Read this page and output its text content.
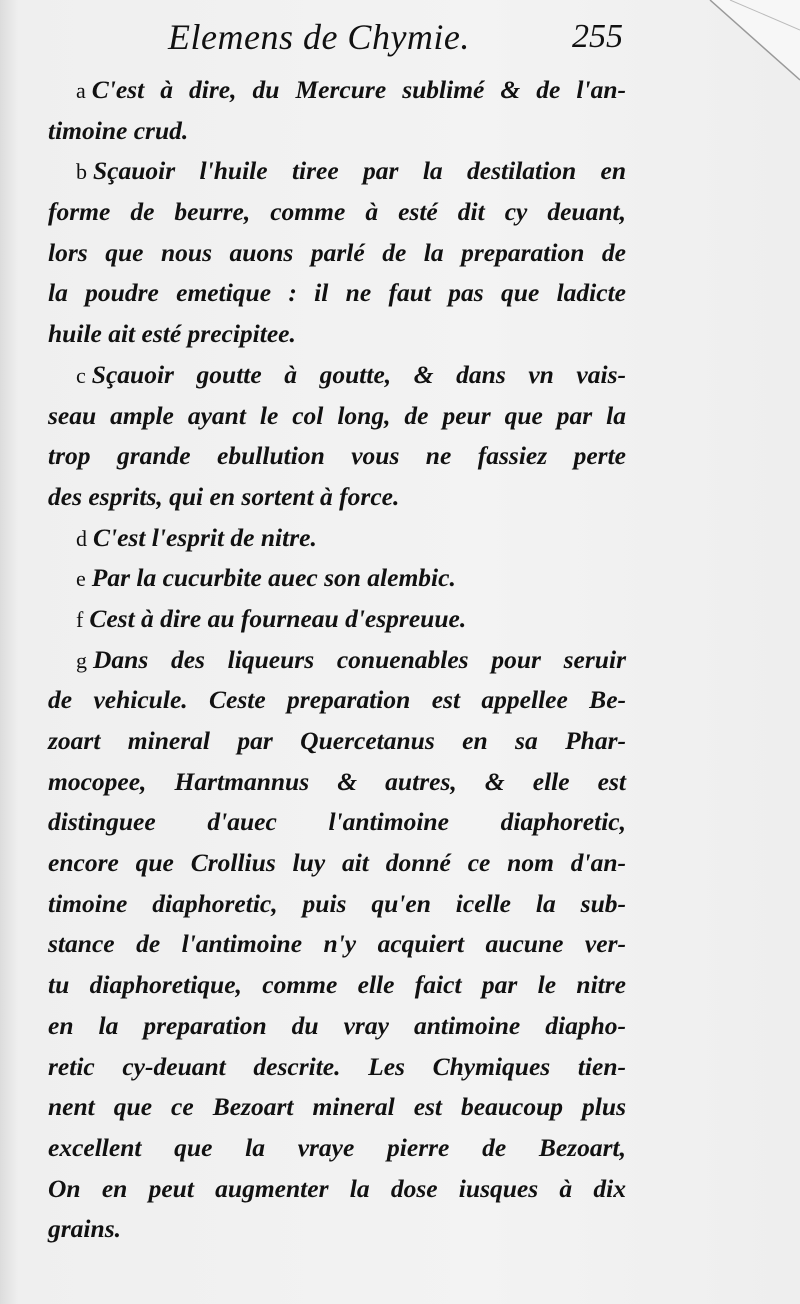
Elemens de Chymie.	255
a C'est à dire, du Mercure sublimé & de l'an-
timoine crud.
b Sçauoir l'huile tiree par la destilation en
forme de beurre, comme à esté dit cy deuant,
lors que nous auons parlé de la preparation de
la poudre emetique : il ne faut pas que ladicte
huile ait esté precipitee.
c Sçauoir goutte à goutte, & dans vn vais-
seau ample ayant le col long, de peur que par la
trop grande ebullution vous ne fassiez perte
des esprits, qui en sortent à force.
d C'est l'esprit de nitre.
e Par la cucurbite auec son alembic.
f Cest à dire au fourneau d'espreuue.
g Dans des liqueurs conuenables pour seruir
de vehicule. Ceste preparation est appellee Be-
zoart mineral par Quercetanus en sa Phar-
mocopee, Hartmannus & autres, & elle est
distinguee d'auec l'antimoine diaphoretic,
encore que Crollius luy ait donné ce nom d'an-
timoine diaphoretic, puis qu'en icelle la sub-
stance de l'antimoine n'y acquiert aucune ver-
tu diaphoretique, comme elle faict par le nitre
en la preparation du vray antimoine diapho-
retic cy-deuant descrite. Les Chymiques tien-
nent que ce Bezoart mineral est beaucoup plus
excellent que la vraye pierre de Bezoart,
On en peut augmenter la dose iusques à dix
grains.
